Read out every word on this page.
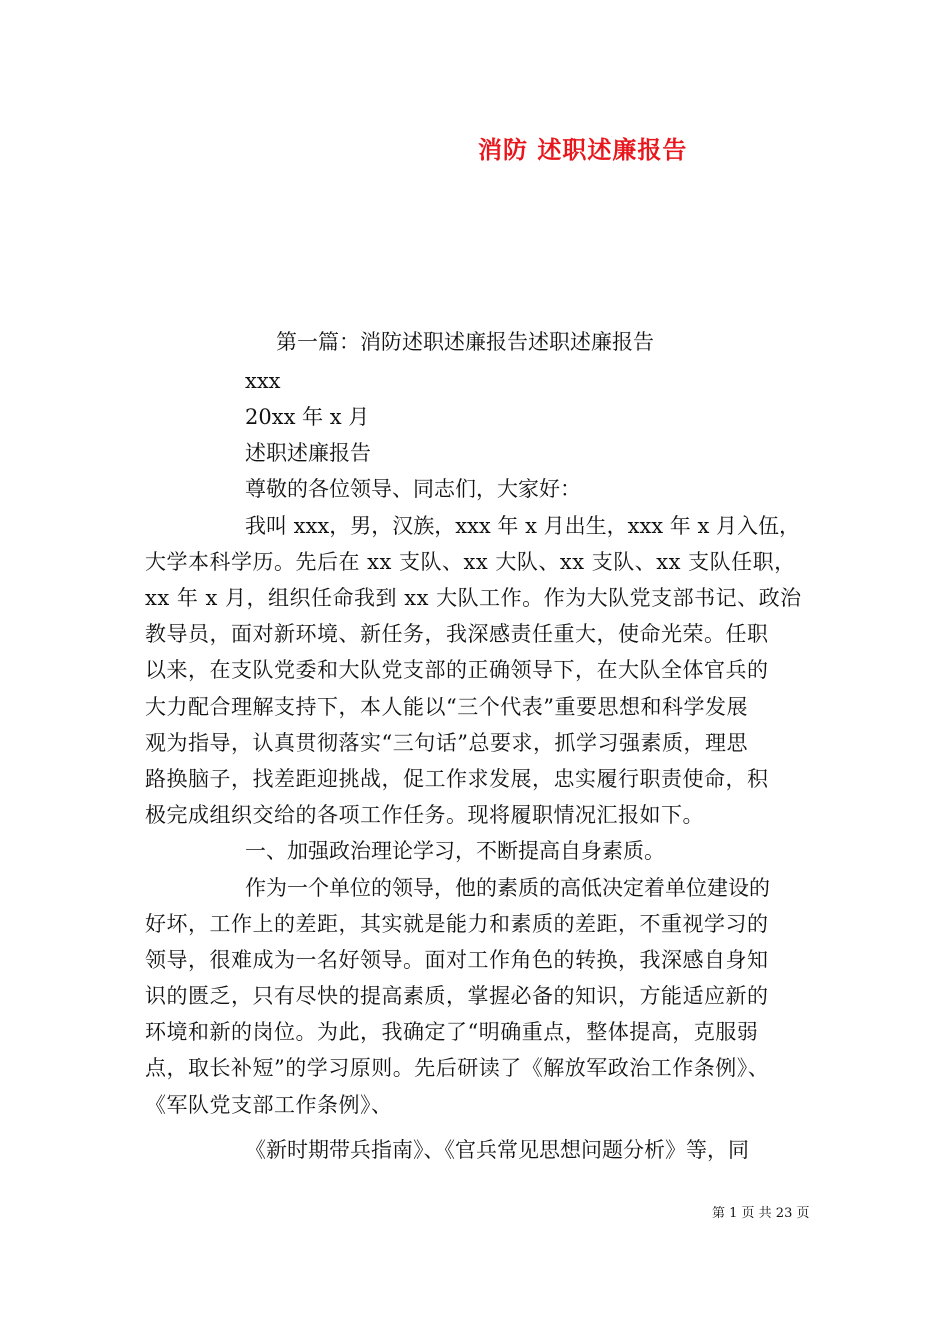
消防 述职述廉报告
第一篇：消防述职述廉报告述职述廉报告
xxx
20xx 年 x 月
述职述廉报告
尊敬的各位领导、同志们，大家好：
我叫 xxx，男，汉族，xxx 年 x 月出生，xxx 年 x 月入伍，
大学本科学历。先后在 xx 支队、xx 大队、xx 支队、xx 支队任职，
xx 年 x 月，组织任命我到 xx 大队工作。作为大队党支部书记、政治
教导员，面对新环境、新任务，我深感责任重大，使命光荣。任职
以来，在支队党委和大队党支部的正确领导下，在大队全体官兵的
大力配合理解支持下，本人能以“三个代表”重要思想和科学发展
观为指导，认真贯彻落实“三句话”总要求，抓学习强素质，理思
路换脑子，找差距迎挑战，促工作求发展，忠实履行职责使命，积
极完成组织交给的各项工作任务。现将履职情况汇报如下。
一、加强政治理论学习，不断提高自身素质。
作为一个单位的领导，他的素质的高低决定着单位建设的
好坏，工作上的差距，其实就是能力和素质的差距，不重视学习的
领导，很难成为一名好领导。面对工作角色的转换，我深感自身知
识的匮乏，只有尽快的提高素质，掌握必备的知识，方能适应新的
环境和新的岗位。为此，我确定了“明确重点，整体提高，克服弱
点，取长补短”的学习原则。先后研读了《解放军政治工作条例》、
《军队党支部工作条例》、
《新时期带兵指南》、《官兵常见思想问题分析》等，同
第 1 页 共 23 页
